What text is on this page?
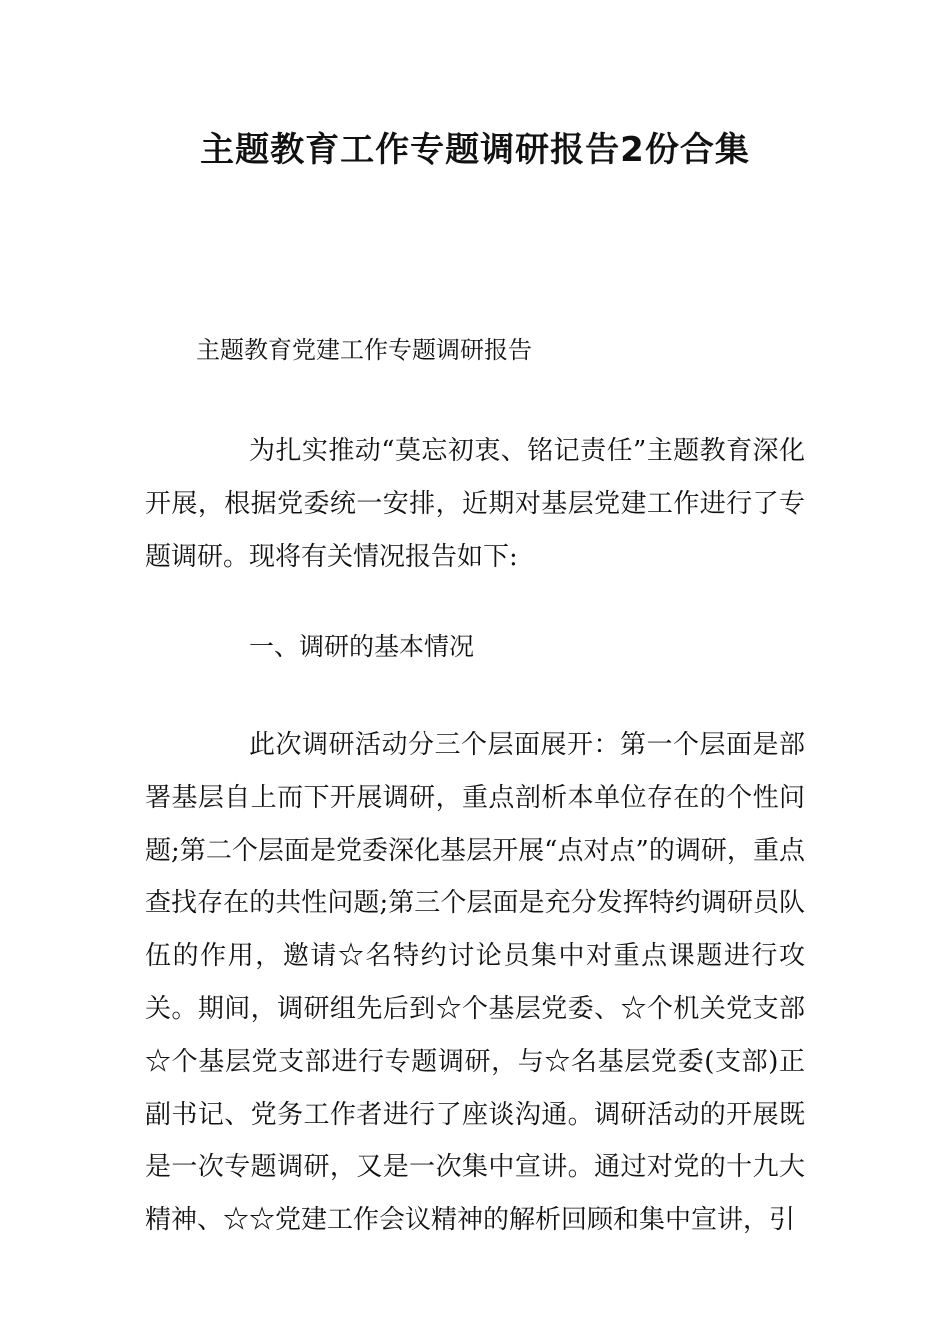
主题教育工作专题调研报告2份合集

主题教育党建工作专题调研报告

为扎实推动“莫忘初衷、铭记责任”主题教育深化开展，根据党委统一安排，近期对基层党建工作进行了专题调研。现将有关情况报告如下:

一、调研的基本情况

此次调研活动分三个层面展开：第一个层面是部署基层自上而下开展调研，重点剖析本单位存在的个性问题;第二个层面是党委深化基层开展“点对点”的调研，重点查找存在的共性问题;第三个层面是充分发挥特约调研员队伍的作用，邀请☆名特约讨论员集中对重点课题进行攻关。期间，调研组先后到☆个基层党委、☆个机关党支部☆个基层党支部进行专题调研，与☆名基层党委(支部)正副书记、党务工作者进行了座谈沟通。调研活动的开展既是一次专题调研，又是一次集中宣讲。通过对党的十九大精神、☆☆党建工作会议精神的解析回顾和集中宣讲，引
